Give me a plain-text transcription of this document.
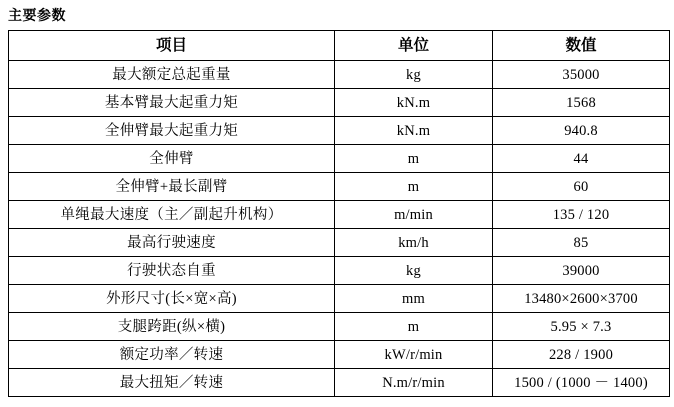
主要参数
项目	单位	数值

最大额定总起重量	kg	35000

基本臂最大起重力矩	kN.m	1568

全伸臂最大起重力矩	kN.m	940.8

全伸臂	m	44

全伸臂+最长副臂	m	60

单绳最大速度（主／副起升机构）	m/min	135 / 120

最高行驶速度	km/h	85

行驶状态自重	kg	39000

外形尺寸(长×宽×高)	mm	13480×2600×3700

支腿跨距(纵×横)	m	5.95 × 7.3

额定功率／转速	kW/r/min	228 / 1900

最大扭矩／转速	N.m/r/min	1500 / (1000 － 1400)
